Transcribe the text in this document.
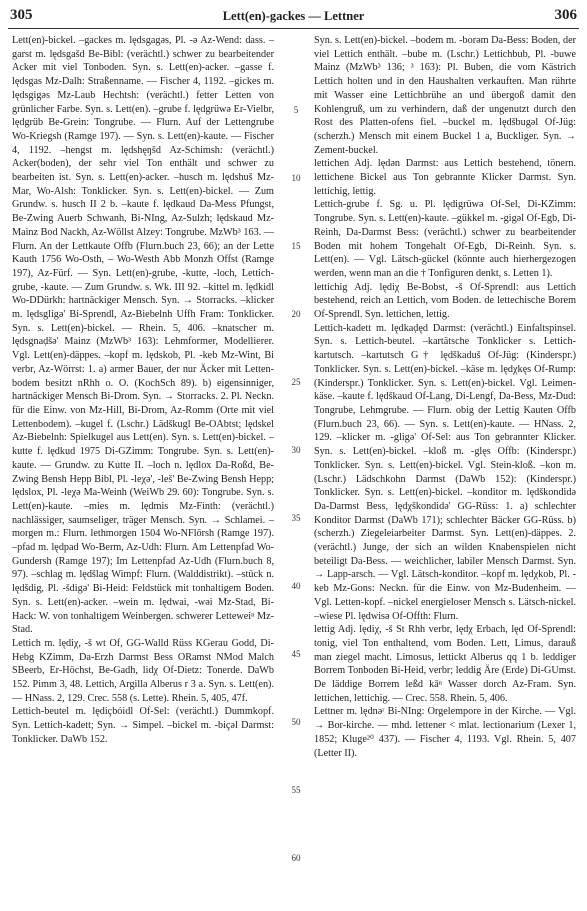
305	Lett(en)-gackes — Lettner	306

Lett(en)-bickel. –gackes m. lędsgagəs, Pl. -ə Az-Wend: dass. –garst m. lędsgašd Be-Bibl: (verächtl.) schwer zu bearbeitender Acker mit viel Tonboden. Syn. s. Lett(en)-acker. –gasse f. lędsgas Mz-Dalh: Straßenname. — Fischer 4, 1192. –gickes m. lędsgigəs Mz-Laub Hechtsh: (verächtl.) fetter Letten von grünlicher Farbe. Syn. s. Lett(en). –grube f. lędgrüwə Er-Vielbr, lędgrüb Be-Grein: Tongrube. — Flurn. Auf der Lettengrube Wo-Kriegsh (Ramge 197). — Syn. s. Lett(en)-kaute. — Fischer 4, 1192. –hengst m. lędshęŋšd Az-Schimsh: (verächtl.) Acker(boden), der sehr viel Ton enthält und schwer zu bearbeiten ist. Syn. s. Lett(en)-acker. –husch m. lędshuš Mz-Mar, Wo-Alsh: Tonklicker. Syn. s. Lett(en)-bickel. — Zum Grundw. s. husch II 2 b. –kaute f. lędkaud Da-Mess Pfungst, Be-Zwing Auerb Schwanh, Bi-NIng, Az-Sulzh; lędskaud Mz-Mainz Bod Nackh, Az-Wöllst Alzey: Tongrube. MzWb³ 163. — Flurn. An der Lettkaute Offb (Flurn.buch 23, 66); an der Lette Kauth 1756 Wo-Osth, – Wo-Westh Abb Monzh Offst (Ramge 197), Az-Fürf. — Syn. Lett(en)-grube, -kutte, -loch, Lettich-grube, -kaute. — Zum Grundw. s. Wk. III 92. –kittel m. lędkidl Wo-DDürkh: hartnäckiger Mensch. Syn. → Storracks. –klicker m. lędsgligə' Bi-Sprendl, Az-Biebelnh Uffh Fram: Tonklicker. Syn. s. Lett(en)-bickel. — Rhein. 5, 406. –knatscher m. lędsgnaḍšə' Mainz (MzWb³ 163): Lehmformer, Modellierer. Vgl. Lett(en)-däppes. –kopf m. lędskob, Pl. -keb Mz-Wint, Bi verbr, Az-Wörrst: 1. a) armer Bauer, der nur Äcker mit Letten-bodem besitzt nRhh o. O. (KochSch 89). b) eigensinniger, hartnäckiger Mensch Bi-Drom. Syn. → Storracks. 2. Pl. Neckn. für die Einw. von Mz-Hill, Bi-Drom, Az-Romm (Orte mit viel Lettenbodem). –kugel f. (Lschr.) Lädškugl Be-OAbtst; lędskel Az-Biebelnh: Spielkugel aus Lett(en). Syn. s. Lett(en)-bickel. –kutte f. lędkud 1975 Di-GZimm: Tongrube. Syn. s. Lett(en)-kaute. — Grundw. zu Kutte II. –loch n. lędlox Da-Roßd, Be-Zwing Bensh Hepp Bibl, Pl. -leχə', -leš' Be-Zwing Bensh Hepp; lędslox, Pl. -leχə Ma-Weinh (WeiWb 29. 60): Tongrube. Syn. s. Lett(en)-kaute. –mies m. lędmis Mz-Finth: (verächtl.) nachlässiger, saumseliger, träger Mensch. Syn. → Schlamei. –morgen m.: Flurn. lethmorgen 1504 Wo-NFlörsh (Ramge 197). –pfad m. lędpad Wo-Berm, Az-Udh: Flurn. Am Lettenpfad Wo-Gundersh (Ramge 197); Im Lettenpfad Az-Udh (Flurn.buch 8, 97). –schlag m. lędšlag Wimpf: Flurn. (Walddistrikt). –stück n. lędšdig, Pl. -šdigə' Bi-Heid: Feldstück mit tonhaltigem Boden. Syn. s. Lett(en)-acker. –wein m. lędwai, -wəi Mz-Stad, Bi-Hack: W. von tonhaltigem Weinbergen. schwerer Letteweiⁿ Mz-Stad.

Lettich m. lędiχ, -š wt Of, GG-Walld Rüss KGerau Godd, Di-Hebg KZimm, Da-Erzh Darmst Bess ORamst NMod Malch SBeerb, Er-Höchst, Be-Gadh, lidχ Of-Dietz: Tonerde. DaWb 152. Pimm 3, 48. Lettich, Argilla Alberus r 3 a. Syn. s. Lett(en). — HNass. 2, 129. Crec. 558 (s. Lette). Rhein. 5, 405, 47f.

Lettich-beutel m. lędiçbóidl Of-Sel: (verächtl.) Dummkopf. Syn. Lettich-kadett; Syn. → Simpel. –bickel m. -biçəl Darmst: Tonklicker. DaWb 152.

5
10
15
20
25
30
35
40
45
50
55
60

Syn. s. Lett(en)-bickel. –bodem m. -borəm Da-Bess: Boden, der viel Lettich enthält. –bube m. (Lschr.) Lettichbub, Pl. -buwe Mainz (MzWb³ 136; ³ 163): Pl. Buben, die vom Kästrich Lettich holten und in den Haushalten verkauften. Man rührte mit Wasser eine Lettichbrühe an und übergoß damit den Kohlengruß, um zu verhindern, daß der ungenutzt durch den Rost des Platten-ofens fiel. –buckel m. lędšbugəl Of-Jüg: (scherzh.) Mensch mit einem Buckel 1 a, Buckliger. Syn. → Zement-buckel.

lettichen Adj. lędən Darmst: aus Lettich bestehend, tönern. lettichene Bickel aus Ton gebrannte Klicker Darmst. Syn. lettichig, lettig.

Lettich-grube f. Sg. u. Pl. lędigrüwə Of-Sel, Di-KZimm: Tongrube. Syn. s. Lett(en)-kaute. –gükkel m. -gigəl Of-Egb, Di-Reinh, Da-Darmst Bess: (verächtl.) schwer zu bearbeitender Boden mit hohem Tongehalt Of-Egb, Di-Reinh. Syn. s. Lett(en). — Vgl. Lätsch-gückel (könnte auch hierhergezogen werden, wenn man an die † Tonfiguren denkt, s. Letten 1).

lettichig Adj. lędiχ Be-Bobst, -š Of-Sprendl: aus Lettich bestehend, reich an Lettich, vom Boden. de lettechische Borem Of-Sprendl. Syn. lettichen, lettig.

Lettich-kadett m. lędkaḍęd Darmst: (verächtl.) Einfaltspinsel. Syn. s. Lettich-beutel. –kartätsche Tonklicker s. Lettich-kartutsch. –kartutsch G† lędškaduš Of-Jüg: (Kinderspr.) Tonklicker. Syn. s. Lett(en)-bickel. –käse m. lędχkęs Of-Rump: (Kinderspr.) Tonklicker. Syn. s. Lett(en)-bickel. Vgl. Leimen-käse. –kaute f. lędškaud Of-Lang, Di-Lengf, Da-Bess, Mz-Dud: Tongrube, Lehmgrube. — Flurn. obig der Lettig Kauten Offb (Flurn.buch 23, 66). — Syn. s. Lett(en)-kaute. — HNass. 2, 129. –klicker m. -gligə' Of-Sel: aus Ton gebrannter Klicker. Syn. s. Lett(en)-bickel. –kloß m. -glęs Offb: (Kinderspr.) Tonklicker. Syn. s. Lett(en)-bickel. Vgl. Stein-kloß. –kon m. (Lschr.) Lädschkohn Darmst (DaWb 152): (Kinderspr.) Tonklicker. Syn. s. Lett(en)-bickel. –konditor m. lędškondidə Da-Darmst Bess, lędχškondidə' GG-Rüss: 1. a) schlechter Konditor Darmst (DaWb 171); schlechter Bäcker GG-Rüss. b) (scherzh.) Ziegeleiarbeiter Darmst. Syn. Lett(en)-däppes. 2. (verächtl.) Junge, der sich an wilden Knabenspielen nicht beteiligt Da-Bess. — weichlicher, labiler Mensch Darmst. Syn. → Lapp-arsch. — Vgl. Lätsch-konditor. –kopf m. lędχkob, Pl. -keb Mz-Gons: Neckn. für die Einw. von Mz-Budenheim. — Vgl. Letten-kopf. –nickel energieloser Mensch s. Lätsch-nickel. –wiese Pl. lędwisə Of-Offth: Flurn.

lettig Adj. lędiχ, -š St Rhh verbr, lędχ Erbach, lęd Of-Sprendl: tonig, viel Ton enthaltend, vom Boden. Lett, Limus, darauß man ziegel macht. Limosus, lettickt Alberus qq 1 b. leddiger Borrem Tonboden Bi-Heid, verbr; leddig Äre (Erde) Di-GUmst. De läddige Borrem leßd kāⁿ Wasser dorch Az-Fram. Syn. lettichen, lettichig. — Crec. 558. Rhein. 5, 406.

Lettner m. lędnəʳ Bi-NIng: Orgelempore in der Kirche. — Vgl. → Bor-kirche. — mhd. lettener < mlat. lectionarium (Lexer 1, 1852; Kluge²⁰ 437). — Fischer 4, 1193. Vgl. Rhein. 5, 407 (Letter II).
